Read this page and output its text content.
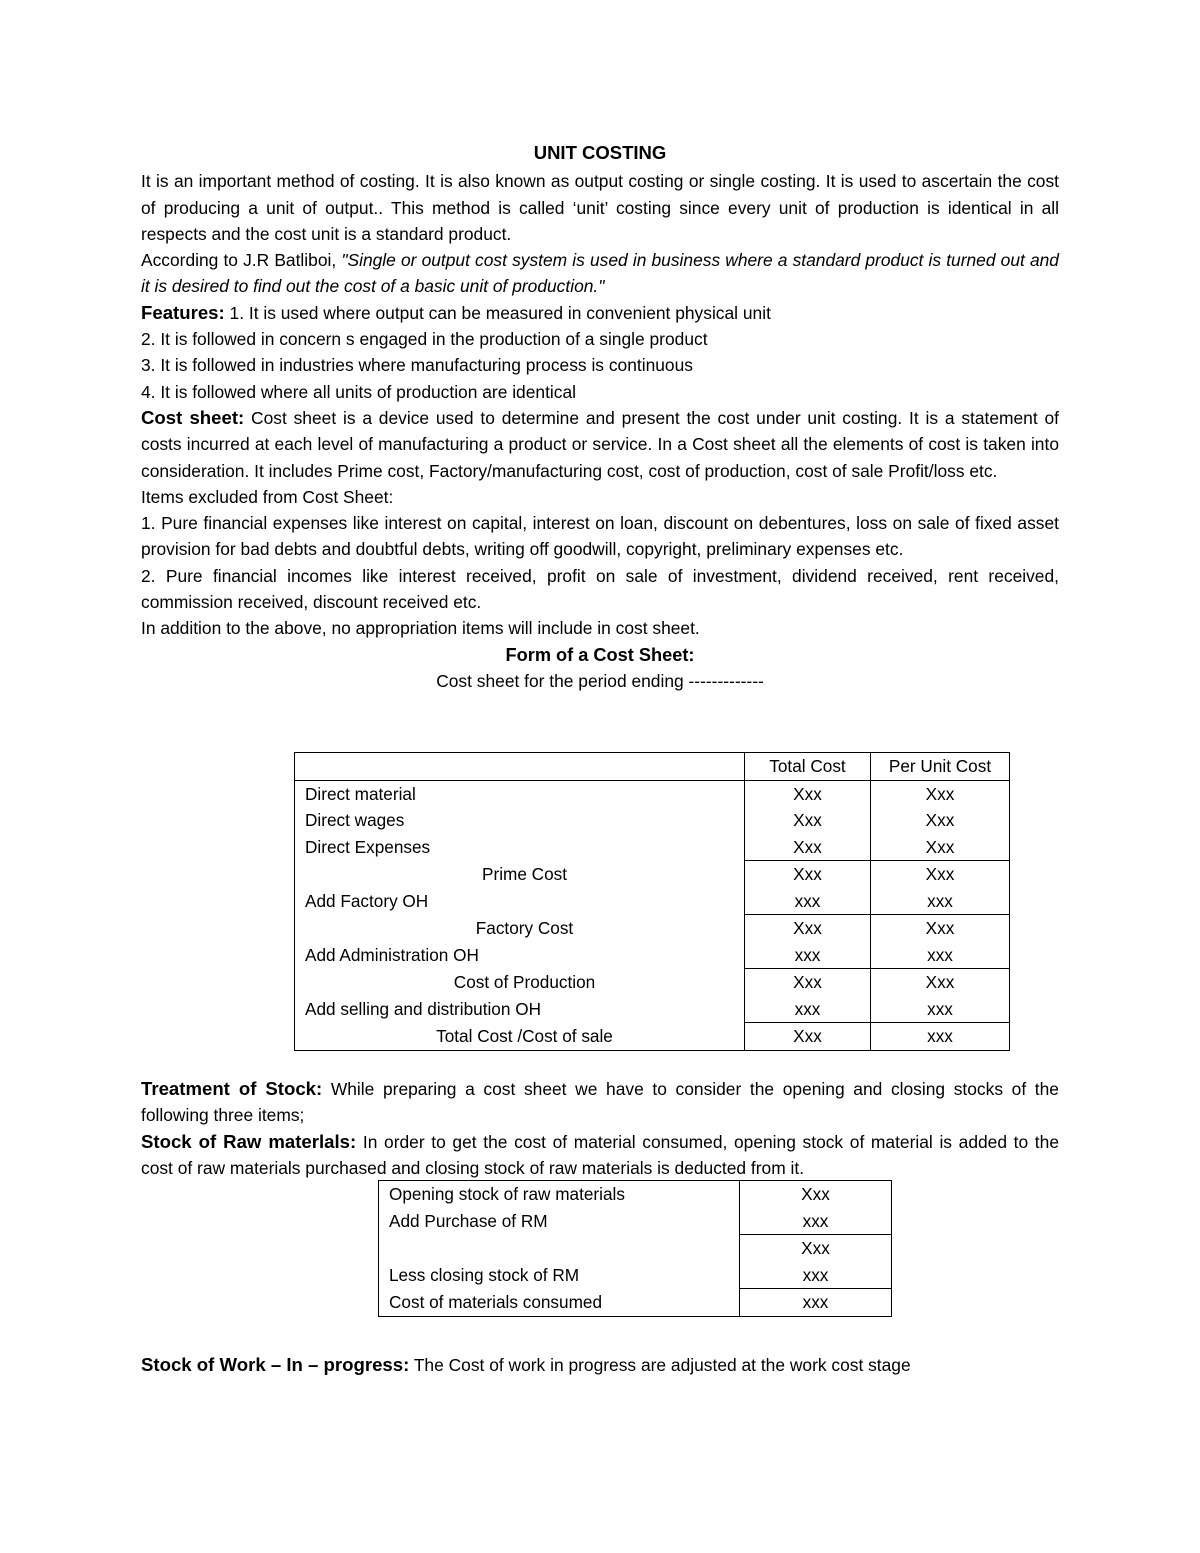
UNIT COSTING

It is an important method of costing. It is also known as output costing or single costing. It is used to ascertain the cost of producing a unit of output.. This method is called ‘unit’ costing since every unit of production is identical in all respects and the cost unit is a standard product.

According to J.R Batliboi, "Single or output cost system is used in business where a standard product is turned out and it is desired to find out the cost of a basic unit of production."

Features: 1. It is used where output can be measured in convenient physical unit

2. It is followed in concern s engaged in the production of a single product

3. It is followed in industries where manufacturing process is continuous

4. It is followed where all units of production are identical

Cost sheet: Cost sheet is a device used to determine and present the cost under unit costing. It is a statement of costs incurred at each level of manufacturing a product or service. In a Cost sheet all the elements of cost is taken into consideration. It includes Prime cost, Factory/manufacturing cost, cost of production, cost of sale Profit/loss etc.

Items excluded from Cost Sheet:

1. Pure financial expenses like interest on capital, interest on loan, discount on debentures, loss on sale of fixed asset provision for bad debts and doubtful debts, writing off goodwill, copyright, preliminary expenses etc.

2. Pure financial incomes like interest received, profit on sale of investment, dividend received, rent received, commission received, discount received etc.

In addition to the above, no appropriation items will include in cost sheet.

Form of a Cost Sheet:
Cost sheet for the period ending -------------
	Total Cost	Per Unit Cost
Direct material	Xxx	Xxx
Direct wages	Xxx	Xxx
Direct Expenses	Xxx	Xxx
Prime Cost	Xxx	Xxx
Add Factory OH	xxx	xxx
Factory Cost	Xxx	Xxx
Add Administration OH	xxx	xxx
Cost of Production	Xxx	Xxx
Add selling and distribution OH	xxx	xxx
Total Cost /Cost of sale	Xxx	xxx

Treatment of Stock: While preparing a cost sheet we have to consider the opening and closing stocks of the following three items;

Stock of Raw materlals: In order to get the cost of material consumed, opening stock of material is added to the cost of raw materials purchased and closing stock of raw materials is deducted from it.

Opening stock of raw materials	Xxx
Add Purchase of RM	xxx
	Xxx
Less closing stock of RM	xxx
Cost of materials consumed	xxx

Stock of Work – In – progress: The Cost of work in progress are adjusted at the work cost stage
